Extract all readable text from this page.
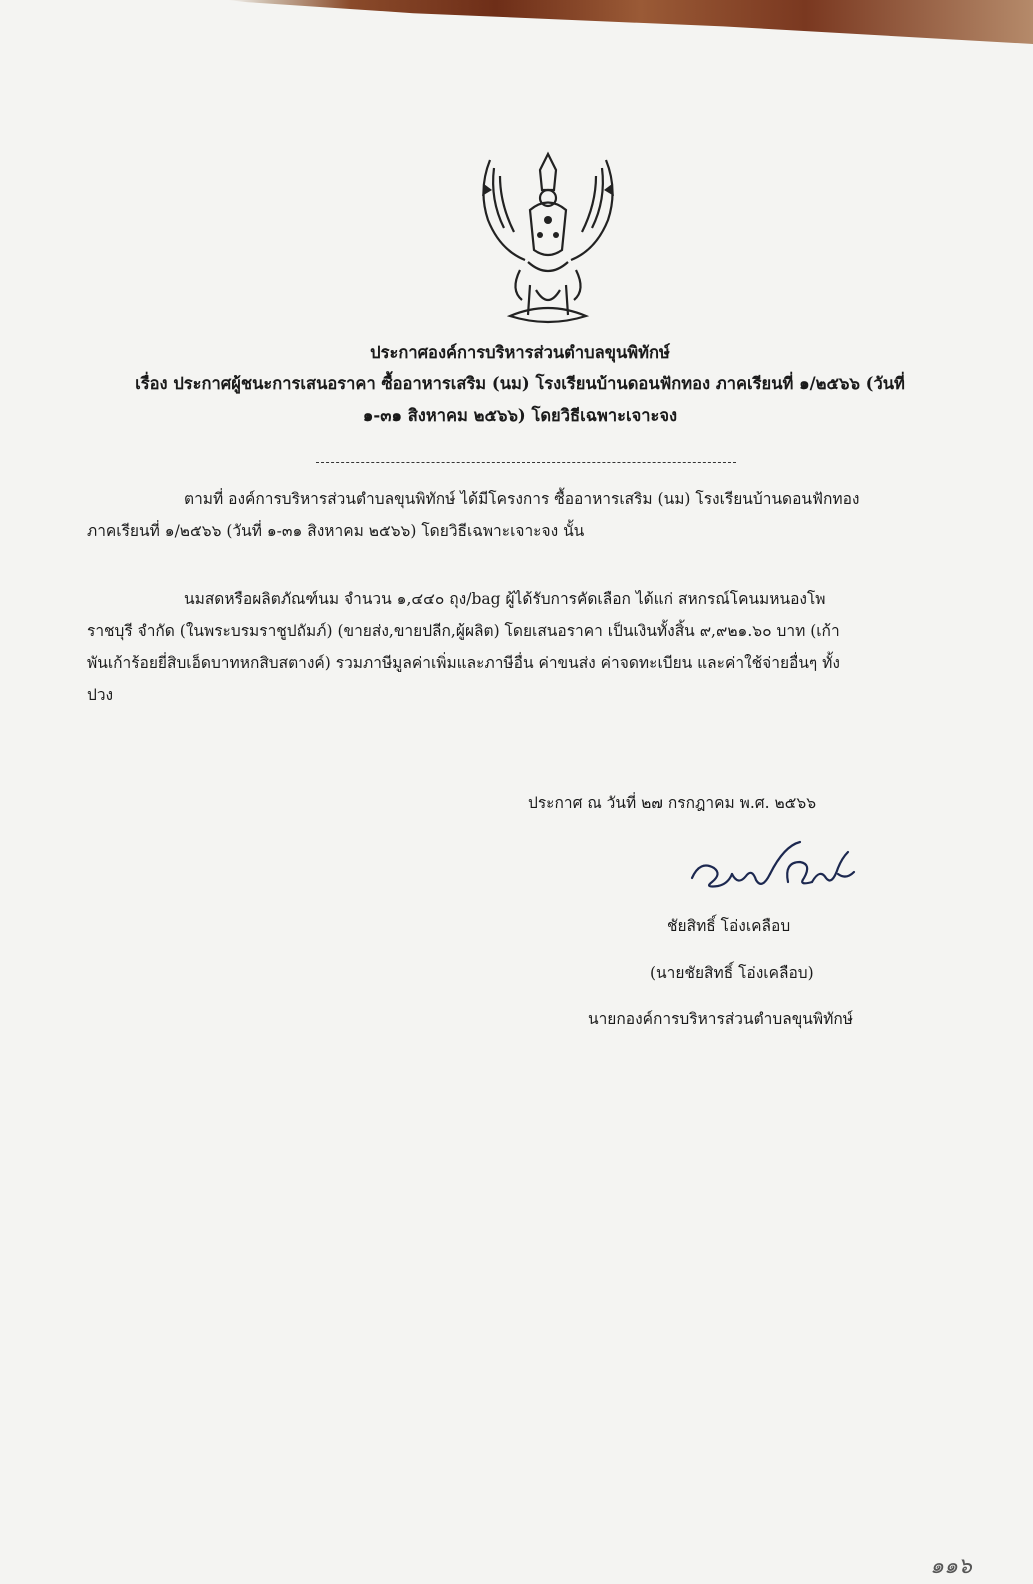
ประกาศองค์การบริหารส่วนตำบลขุนพิทักษ์
เรื่อง ประกาศผู้ชนะการเสนอราคา ซื้ออาหารเสริม (นม) โรงเรียนบ้านดอนฟักทอง ภาคเรียนที่ ๑/๒๕๖๖ (วันที่
๑-๓๑ สิงหาคม ๒๕๖๖) โดยวิธีเฉพาะเจาะจง
ตามที่ องค์การบริหารส่วนตำบลขุนพิทักษ์ ได้มีโครงการ ซื้ออาหารเสริม (นม) โรงเรียนบ้านดอนฟักทอง
ภาคเรียนที่ ๑/๒๕๖๖ (วันที่ ๑-๓๑ สิงหาคม ๒๕๖๖) โดยวิธีเฉพาะเจาะจง นั้น
นมสดหรือผลิตภัณฑ์นม จำนวน ๑,๔๔๐ ถุง/bag ผู้ได้รับการคัดเลือก ได้แก่ สหกรณ์โคนมหนองโพ
ราชบุรี จำกัด (ในพระบรมราชูปถัมภ์) (ขายส่ง,ขายปลีก,ผู้ผลิต) โดยเสนอราคา เป็นเงินทั้งสิ้น ๙,๙๒๑.๖๐ บาท (เก้า
พันเก้าร้อยยี่สิบเอ็ดบาทหกสิบสตางค์) รวมภาษีมูลค่าเพิ่มและภาษีอื่น ค่าขนส่ง ค่าจดทะเบียน และค่าใช้จ่ายอื่นๆ ทั้ง
ปวง
ประกาศ ณ วันที่ ๒๗ กรกฎาคม พ.ศ. ๒๕๖๖
ชัยสิทธิ์ โอ่งเคลือบ
(นายชัยสิทธิ์ โอ่งเคลือบ)
นายกองค์การบริหารส่วนตำบลขุนพิทักษ์
๑๑๖
